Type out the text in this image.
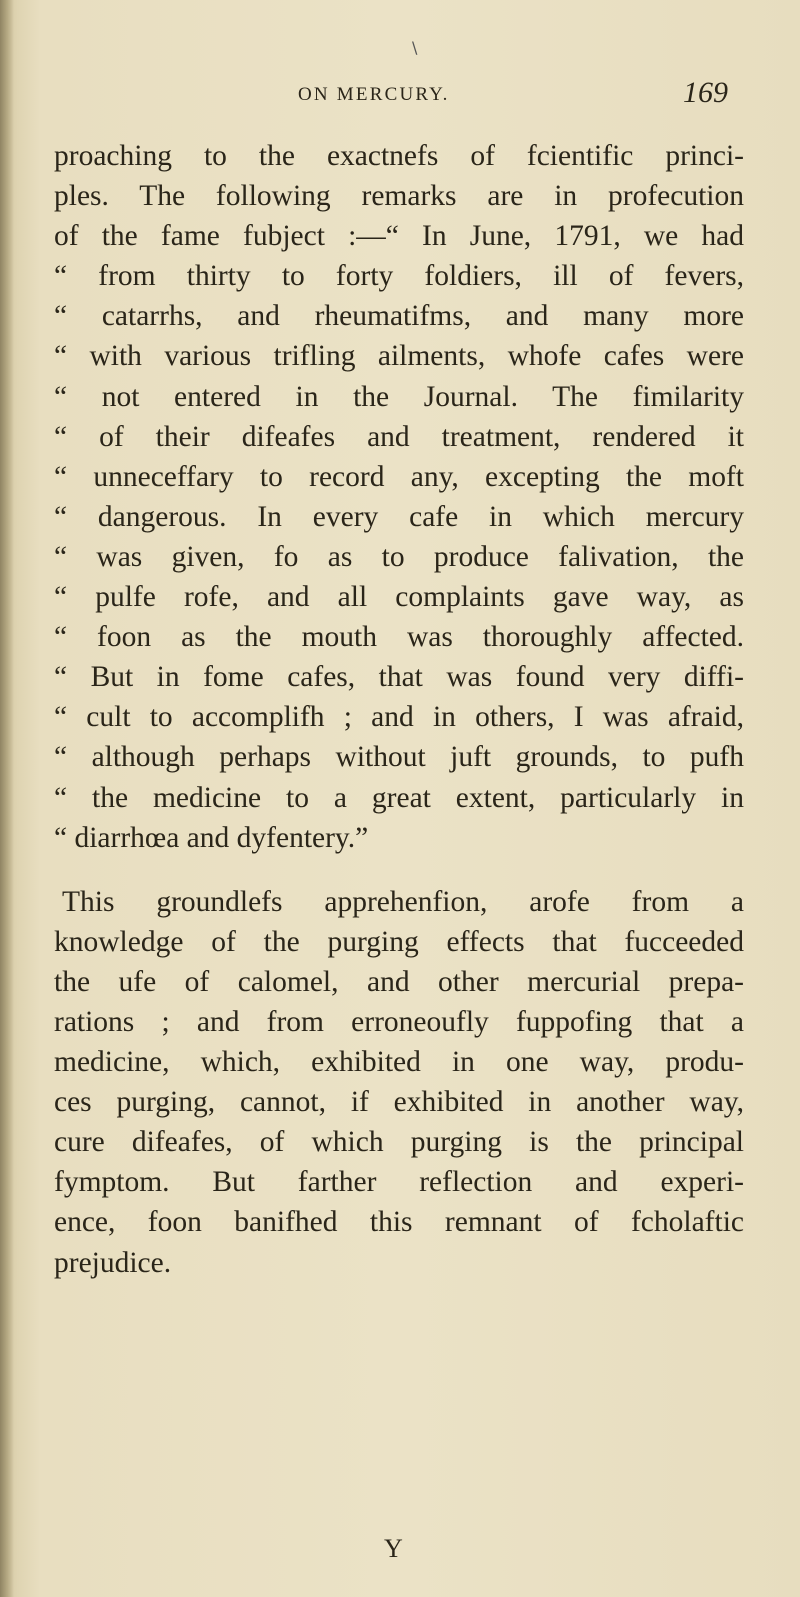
\
ON MERCURY.	169
proaching to the exactnefs of fcientific princi-
ples. The following remarks are in profecution
of the fame fubject :—“ In June, 1791, we had
“ from thirty to forty foldiers, ill of fevers,
“ catarrhs, and rheumatifms, and many more
“ with various trifling ailments, whofe cafes were
“ not entered in the Journal. The fimilarity
“ of their difeafes and treatment, rendered it
“ unneceffary to record any, excepting the moft
“ dangerous. In every cafe in which mercury
“ was given, fo as to produce falivation, the
“ pulfe rofe, and all complaints gave way, as
“ foon as the mouth was thoroughly affected.
“ But in fome cafes, that was found very diffi-
“ cult to accomplifh ; and in others, I was afraid,
“ although perhaps without juft grounds, to pufh
“ the medicine to a great extent, particularly in
“ diarrhœa and dyfentery.”
This groundlefs apprehenfion, arofe from a
knowledge of the purging effects that fucceeded
the ufe of calomel, and other mercurial prepa-
rations ; and from erroneoufly fuppofing that a
medicine, which, exhibited in one way, produ-
ces purging, cannot, if exhibited in another way,
cure difeafes, of which purging is the principal
fymptom. But farther reflection and experi-
ence, foon banifhed this remnant of fcholaftic
prejudice.
Y
